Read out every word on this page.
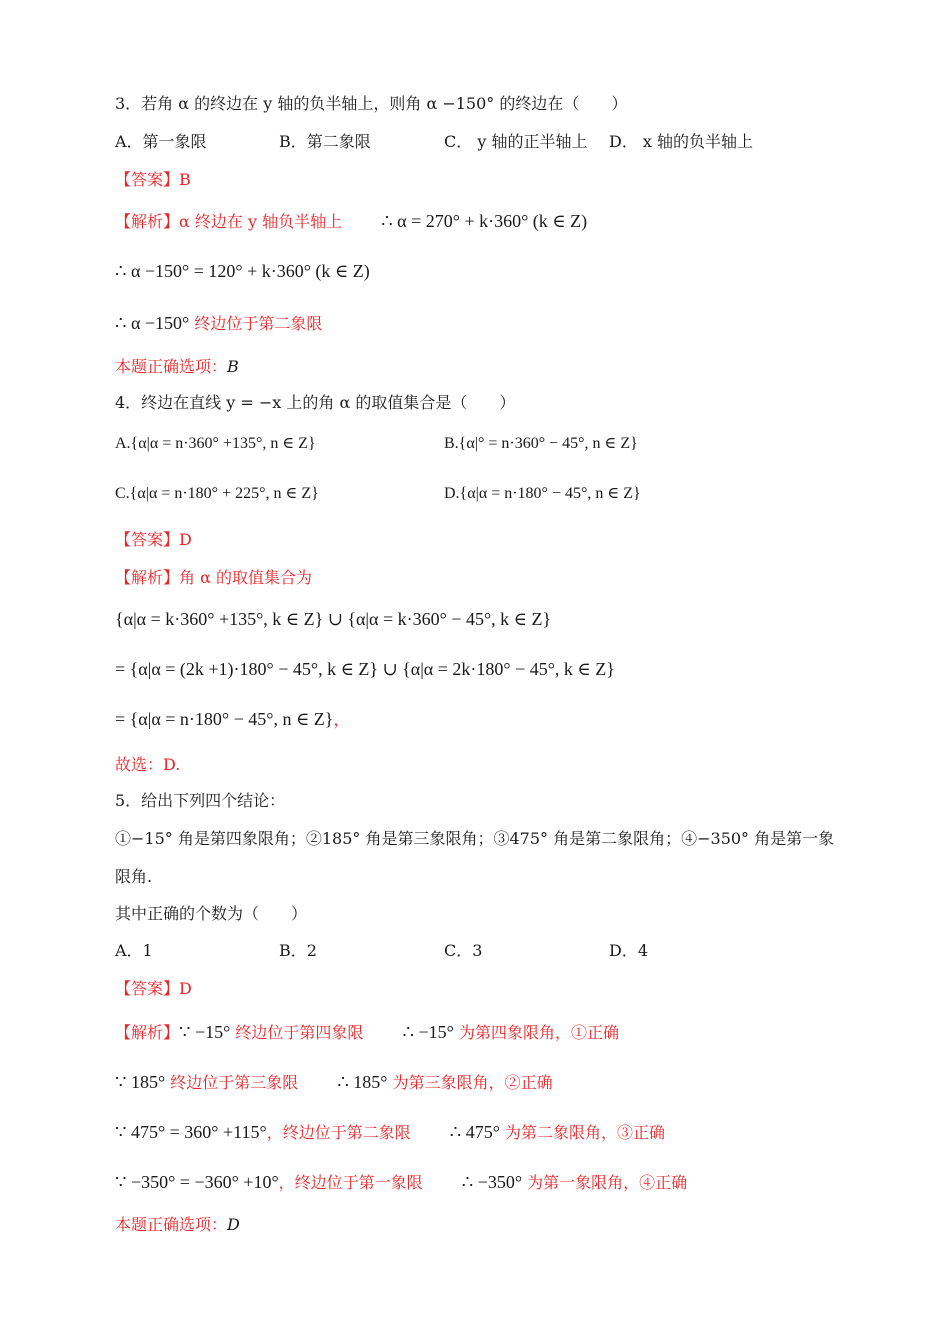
3．若角 α 的终边在 y 轴的负半轴上，则角 α −150° 的终边在（　　）
A．第一象限	B．第二象限	C． y 轴的正半轴上 D． x 轴的负半轴上
【答案】B
【解析】α 终边在 y 轴负半轴上 ∴ α = 270° + k·360° (k ∈ Z)
∴ α −150° = 120° + k·360° (k ∈ Z)
∴ α −150° 终边位于第二象限
本题正确选项：B
4．终边在直线 y = −x 上的角 α 的取值集合是（　　）
A.{α|α = n·360° +135°, n ∈ Z}	B.{α|° = n·360° − 45°, n ∈ Z}
C.{α|α = n·180° + 225°, n ∈ Z}	D.{α|α = n·180° − 45°, n ∈ Z}
【答案】D
【解析】角 α 的取值集合为
{α|α = k·360° +135°, k ∈ Z} ∪ {α|α = k·360° − 45°, k ∈ Z}
= {α|α = (2k +1)·180° − 45°, k ∈ Z} ∪ {α|α = 2k·180° − 45°, k ∈ Z}
= {α|α = n·180° − 45°, n ∈ Z}，
故选：D.
5．给出下列四个结论：
①−15° 角是第四象限角；②185° 角是第三象限角；③475° 角是第二象限角；④−350° 角是第一象
限角.
其中正确的个数为（　　）
A．1	B．2	C．3	D．4
【答案】D
【解析】∵ −15° 终边位于第四象限 ∴ −15° 为第四象限角，①正确
∵ 185° 终边位于第三象限 ∴ 185° 为第三象限角，②正确
∵ 475° = 360° +115°，终边位于第二象限 ∴ 475° 为第二象限角，③正确
∵ −350° = −360° +10°，终边位于第一象限 ∴ −350° 为第一象限角，④正确
本题正确选项：D
